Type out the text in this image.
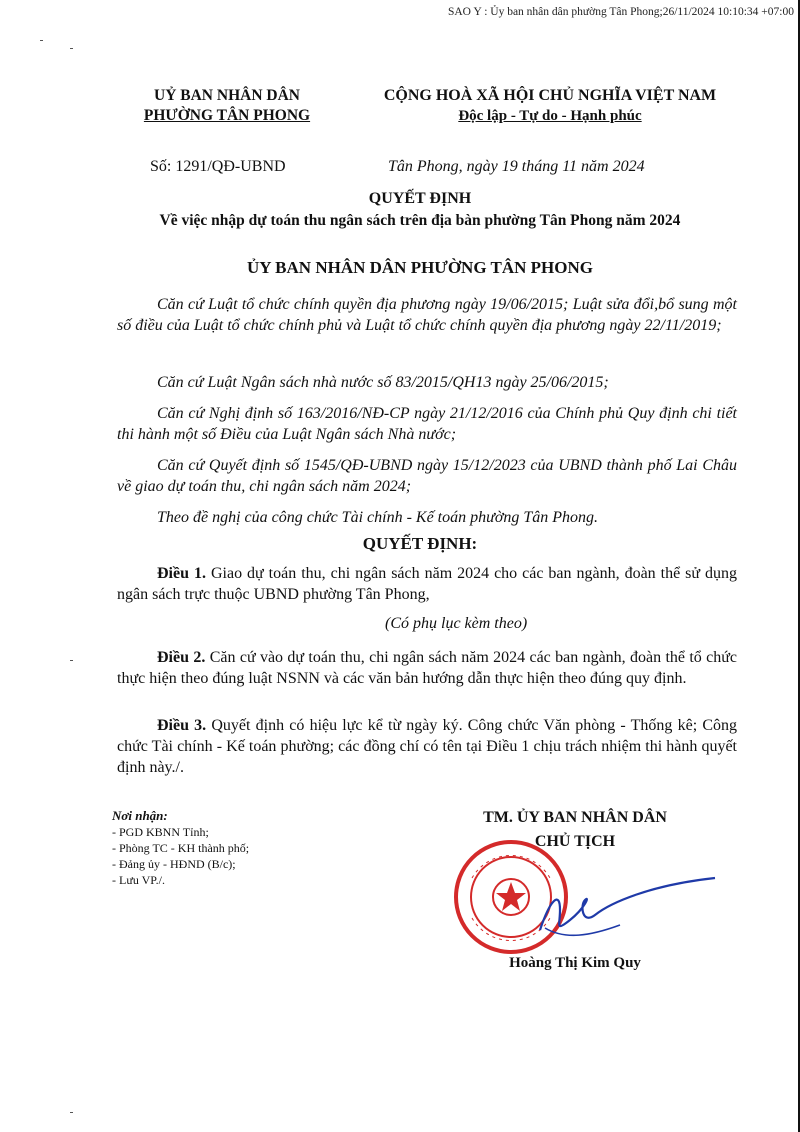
SAO Y : Ủy ban nhân dân phường Tân Phong;26/11/2024 10:10:34 +07:00
UỶ BAN NHÂN DÂN
PHƯỜNG TÂN PHONG
CỘNG HOÀ XÃ HỘI CHỦ NGHĨA VIỆT NAM
Độc lập - Tự do - Hạnh phúc
Số: 1291/QĐ-UBND	Tân Phong, ngày 19 tháng 11 năm 2024
QUYẾT ĐỊNH
Về việc nhập dự toán thu ngân sách trên địa bàn phường Tân Phong năm 2024
ỦY BAN NHÂN DÂN PHƯỜNG TÂN PHONG
Căn cứ Luật tổ chức chính quyền địa phương ngày 19/06/2015; Luật sửa đổi,bổ sung một số điều của Luật tổ chức chính phủ và Luật tổ chức chính quyền địa phương ngày 22/11/2019;
Căn cứ Luật Ngân sách nhà nước số 83/2015/QH13 ngày 25/06/2015;
Căn cứ Nghị định số 163/2016/NĐ-CP ngày 21/12/2016 của Chính phủ Quy định chi tiết thi hành một số Điều của Luật Ngân sách Nhà nước;
Căn cứ Quyết định số 1545/QĐ-UBND ngày 15/12/2023 của UBND thành phố Lai Châu về giao dự toán thu, chi ngân sách năm 2024;
Theo đề nghị của công chức Tài chính - Kế toán phường Tân Phong.
QUYẾT ĐỊNH:
Điều 1. Giao dự toán thu, chi ngân sách năm 2024 cho các ban ngành, đoàn thể sử dụng ngân sách trực thuộc UBND phường Tân Phong,
(Có phụ lục kèm theo)
Điều 2. Căn cứ vào dự toán thu, chi ngân sách năm 2024 các ban ngành, đoàn thể tổ chức thực hiện theo đúng luật NSNN và các văn bản hướng dẫn thực hiện theo đúng quy định.
Điều 3. Quyết định có hiệu lực kể từ ngày ký. Công chức Văn phòng - Thống kê; Công chức Tài chính - Kế toán phường; các đồng chí có tên tại Điều 1 chịu trách nhiệm thi hành quyết định này./.
Nơi nhận:
- PGD KBNN Tỉnh;
- Phòng TC - KH thành phố;
- Đảng ủy - HĐND (B/c);
- Lưu VP./.
TM. ỦY BAN NHÂN DÂN
CHỦ TỊCH
Hoàng Thị Kim Quy
